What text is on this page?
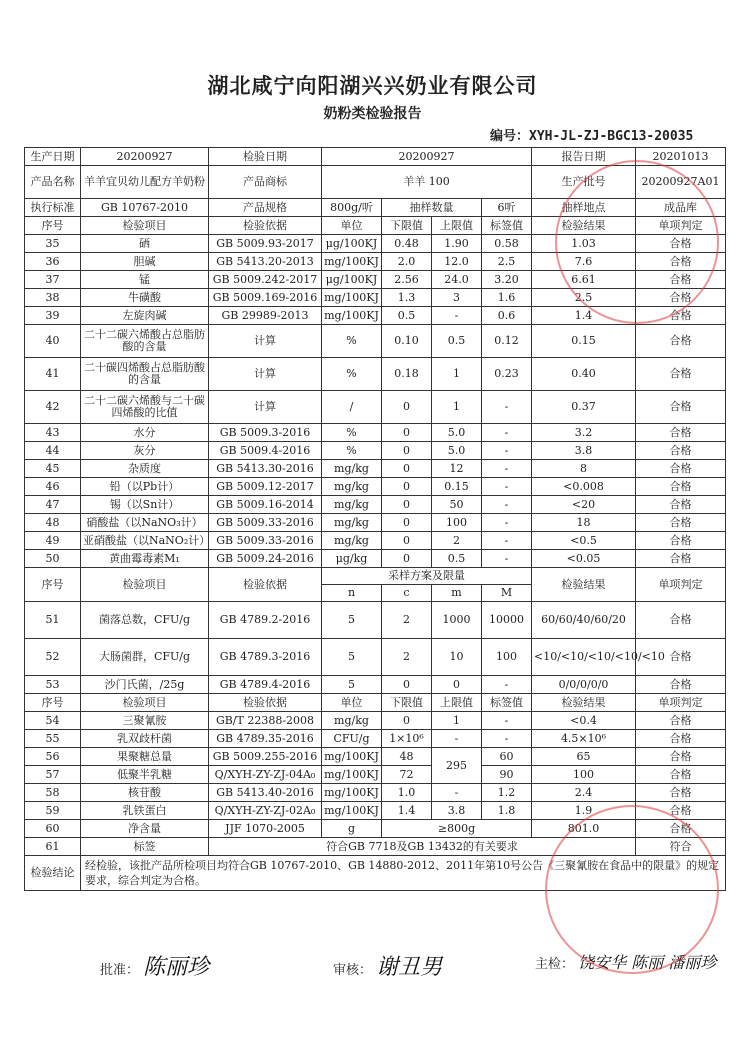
湖北咸宁向阳湖兴兴奶业有限公司
奶粉类检验报告
编号：XYH-JL-ZJ-BGC13-20035
生产日期	20200927	检验日期	20200927				报告日期	20201013
产品名称	羊羊宜贝幼儿配方羊奶粉	产品商标	羊羊 100				生产批号	20200927A01
执行标准	GB 10767-2010	产品规格	800g/听	抽样数量		6听	抽样地点	成品库
序号	检验项目	检验依据	单位	下限值	上限值	标签值	检验结果	单项判定
35	硒	GB 5009.93-2017	μg/100KJ	0.48	1.90	0.58	1.03	合格
36	胆碱	GB 5413.20-2013	mg/100KJ	2.0	12.0	2.5	7.6	合格
37	锰	GB 5009.242-2017	μg/100KJ	2.56	24.0	3.20	6.61	合格
38	牛磺酸	GB 5009.169-2016	mg/100KJ	1.3	3	1.6	2.5	合格
39	左旋肉碱	GB 29989-2013	mg/100KJ	0.5	-	0.6	1.4	合格
40	二十二碳六烯酸占总脂肪酸的含量	计算	%	0.10	0.5	0.12	0.15	合格
41	二十碳四烯酸占总脂肪酸的含量	计算	%	0.18	1	0.23	0.40	合格
42	二十二碳六烯酸与二十碳四烯酸的比值	计算	/	0	1	-	0.37	合格
43	水分	GB 5009.3-2016	%	0	5.0	-	3.2	合格
44	灰分	GB 5009.4-2016	%	0	5.0	-	3.8	合格
45	杂质度	GB 5413.30-2016	mg/kg	0	12	-	8	合格
46	铅（以Pb计）	GB 5009.12-2017	mg/kg	0	0.15	-	<0.008	合格
47	锡（以Sn计）	GB 5009.16-2014	mg/kg	0	50	-	<20	合格
48	硝酸盐（以NaNO₃计）	GB 5009.33-2016	mg/kg	0	100	-	18	合格
49	亚硝酸盐（以NaNO₂计）	GB 5009.33-2016	mg/kg	0	2	-	<0.5	合格
50	黄曲霉毒素M₁	GB 5009.24-2016	μg/kg	0	0.5	-	<0.05	合格
序号	检验项目	检验依据	采样方案及限量				检验结果	单项判定
			n	c	m	M		
51	菌落总数，CFU/g	GB 4789.2-2016	5	2	1000	10000	60/60/40/60/20	合格
52	大肠菌群，CFU/g	GB 4789.3-2016	5	2	10	100	<10/<10/<10/<10/<10	合格
53	沙门氏菌，/25g	GB 4789.4-2016	5	0	0	-	0/0/0/0/0	合格
序号	检验项目	检验依据	单位	下限值	上限值	标签值	检验结果	单项判定
54	三聚氰胺	GB/T 22388-2008	mg/kg	0	1	-	<0.4	合格
55	乳双歧杆菌	GB 4789.35-2016	CFU/g	1×10⁶	-	-	4.5×10⁶	合格
56	果聚糖总量	GB 5009.255-2016	mg/100KJ	48	295	60	65	合格
57	低聚半乳糖	Q/XYH-ZY-ZJ-04A₀	mg/100KJ	72		90	100	合格
58	核苷酸	GB 5413.40-2016	mg/100KJ	1.0	-	1.2	2.4	合格
59	乳铁蛋白	Q/XYH-ZY-ZJ-02A₀	mg/100KJ	1.4	3.8	1.8	1.9	合格
60	净含量	JJF 1070-2005	g	≥800g			801.0	合格
61	标签	符合GB 7718及GB 13432的有关要求						符合
检验结论	经检验，该批产品所检项目均符合GB 10767-2010、GB 14880-2012、2011年第10号公告《三聚氰胺在食品中的限量》的规定要求，综合判定为合格。							
批准： 陈丽珍	审核： 谢丑男	主检： 饶安华 陈丽 潘丽珍
